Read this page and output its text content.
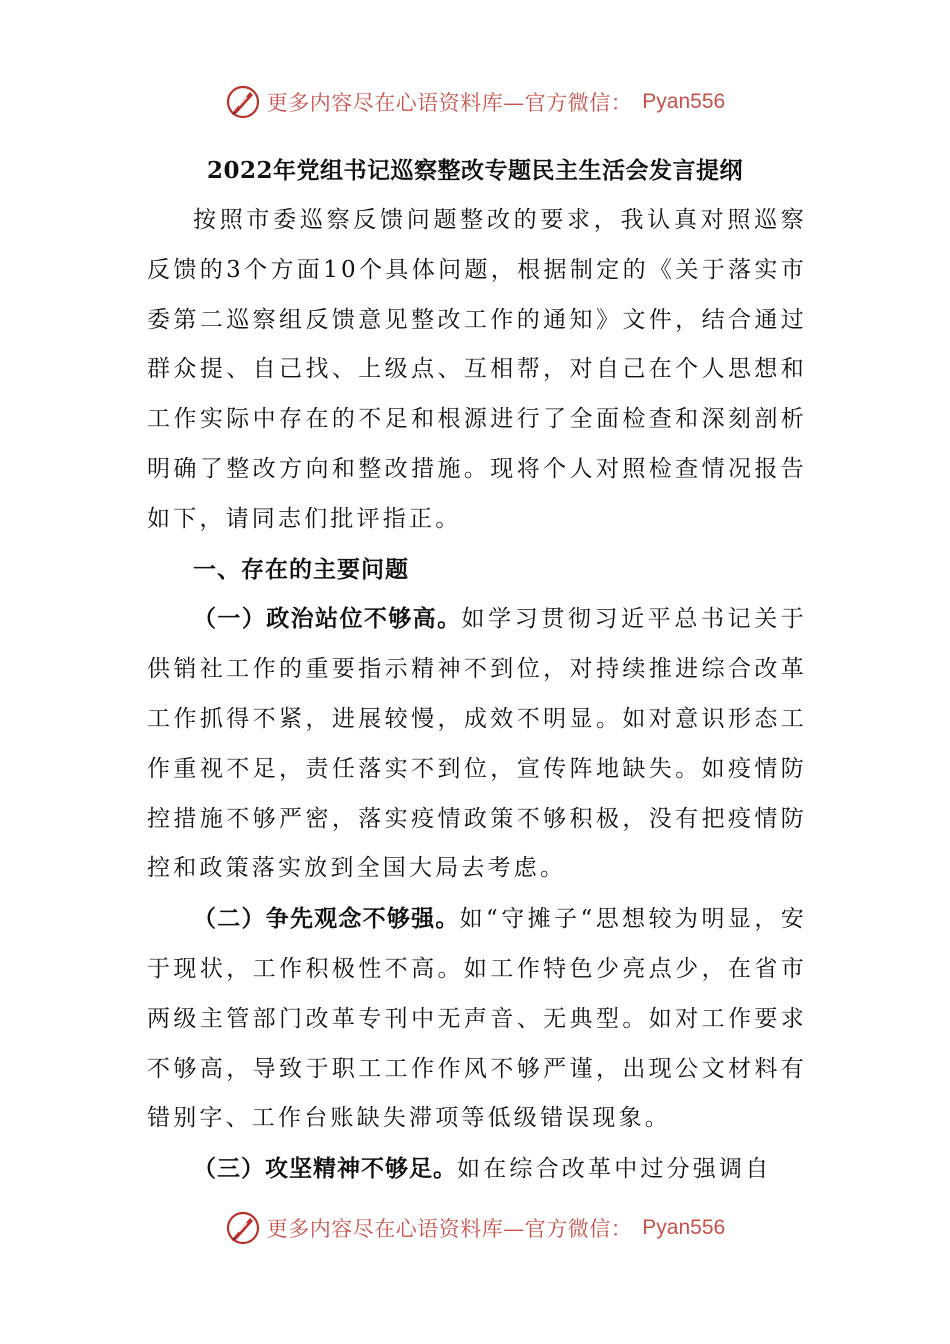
更多内容尽在心语资料库—官方微信： Pyan556
2022年党组书记巡察整改专题民主生活会发言提纲

按照市委巡察反馈问题整改的要求，我认真对照巡察反馈的3个方面10个具体问题，根据制定的《关于落实市委第二巡察组反馈意见整改工作的通知》文件，结合通过群众提、自己找、上级点、互相帮，对自己在个人思想和工作实际中存在的不足和根源进行了全面检查和深刻剖析明确了整改方向和整改措施。现将个人对照检查情况报告如下，请同志们批评指正。

一、存在的主要问题

（一）政治站位不够高。如学习贯彻习近平总书记关于供销社工作的重要指示精神不到位，对持续推进综合改革工作抓得不紧，进展较慢，成效不明显。如对意识形态工作重视不足，责任落实不到位，宣传阵地缺失。如疫情防控措施不够严密，落实疫情政策不够积极，没有把疫情防控和政策落实放到全国大局去考虑。

（二）争先观念不够强。如“守摊子“思想较为明显，安于现状，工作积极性不高。如工作特色少亮点少，在省市两级主管部门改革专刊中无声音、无典型。如对工作要求不够高，导致于职工工作作风不够严谨，出现公文材料有错别字、工作台账缺失滞项等低级错误现象。

（三）攻坚精神不够足。如在综合改革中过分强调自

更多内容尽在心语资料库—官方微信： Pyan556
